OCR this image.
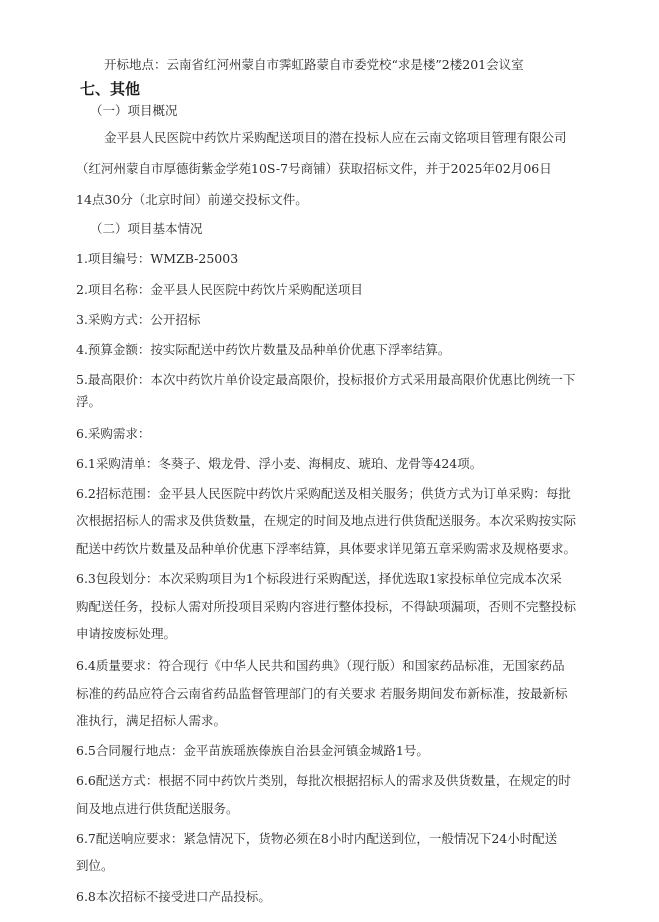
开标地点：云南省红河州蒙自市霁虹路蒙自市委党校“求是楼”2楼201会议室
七、其他
（一）项目概况
金平县人民医院中药饮片采购配送项目的潜在投标人应在云南文铭项目管理有限公司
（红河州蒙自市厚德街紫金学苑10S-7号商铺）获取招标文件，并于2025年02月06日
14点30分（北京时间）前递交投标文件。
（二）项目基本情况
1.项目编号：WMZB-25003
2.项目名称：金平县人民医院中药饮片采购配送项目
3.采购方式：公开招标
4.预算金额：按实际配送中药饮片数量及品种单价优惠下浮率结算。
5.最高限价：本次中药饮片单价设定最高限价，投标报价方式采用最高限价优惠比例统一下
浮。
6.采购需求：
6.1采购清单：冬葵子、煅龙骨、浮小麦、海桐皮、琥珀、龙骨等424项。
6.2招标范围：金平县人民医院中药饮片采购配送及相关服务；供货方式为订单采购：每批
次根据招标人的需求及供货数量，在规定的时间及地点进行供货配送服务。本次采购按实际
配送中药饮片数量及品种单价优惠下浮率结算，具体要求详见第五章采购需求及规格要求。
6.3包段划分：本次采购项目为1个标段进行采购配送，择优选取1家投标单位完成本次采
购配送任务，投标人需对所投项目采购内容进行整体投标，不得缺项漏项，否则不完整投标
申请按废标处理。
6.4质量要求：符合现行《中华人民共和国药典》（现行版）和国家药品标准，无国家药品
标准的药品应符合云南省药品监督管理部门的有关要求 若服务期间发布新标准，按最新标
准执行，满足招标人需求。
6.5合同履行地点：金平苗族瑶族傣族自治县金河镇金城路1号。
6.6配送方式：根据不同中药饮片类别，每批次根据招标人的需求及供货数量，在规定的时
间及地点进行供货配送服务。
6.7配送响应要求：紧急情况下，货物必须在8小时内配送到位，一般情况下24小时配送
到位。
6.8本次招标不接受进口产品投标。
